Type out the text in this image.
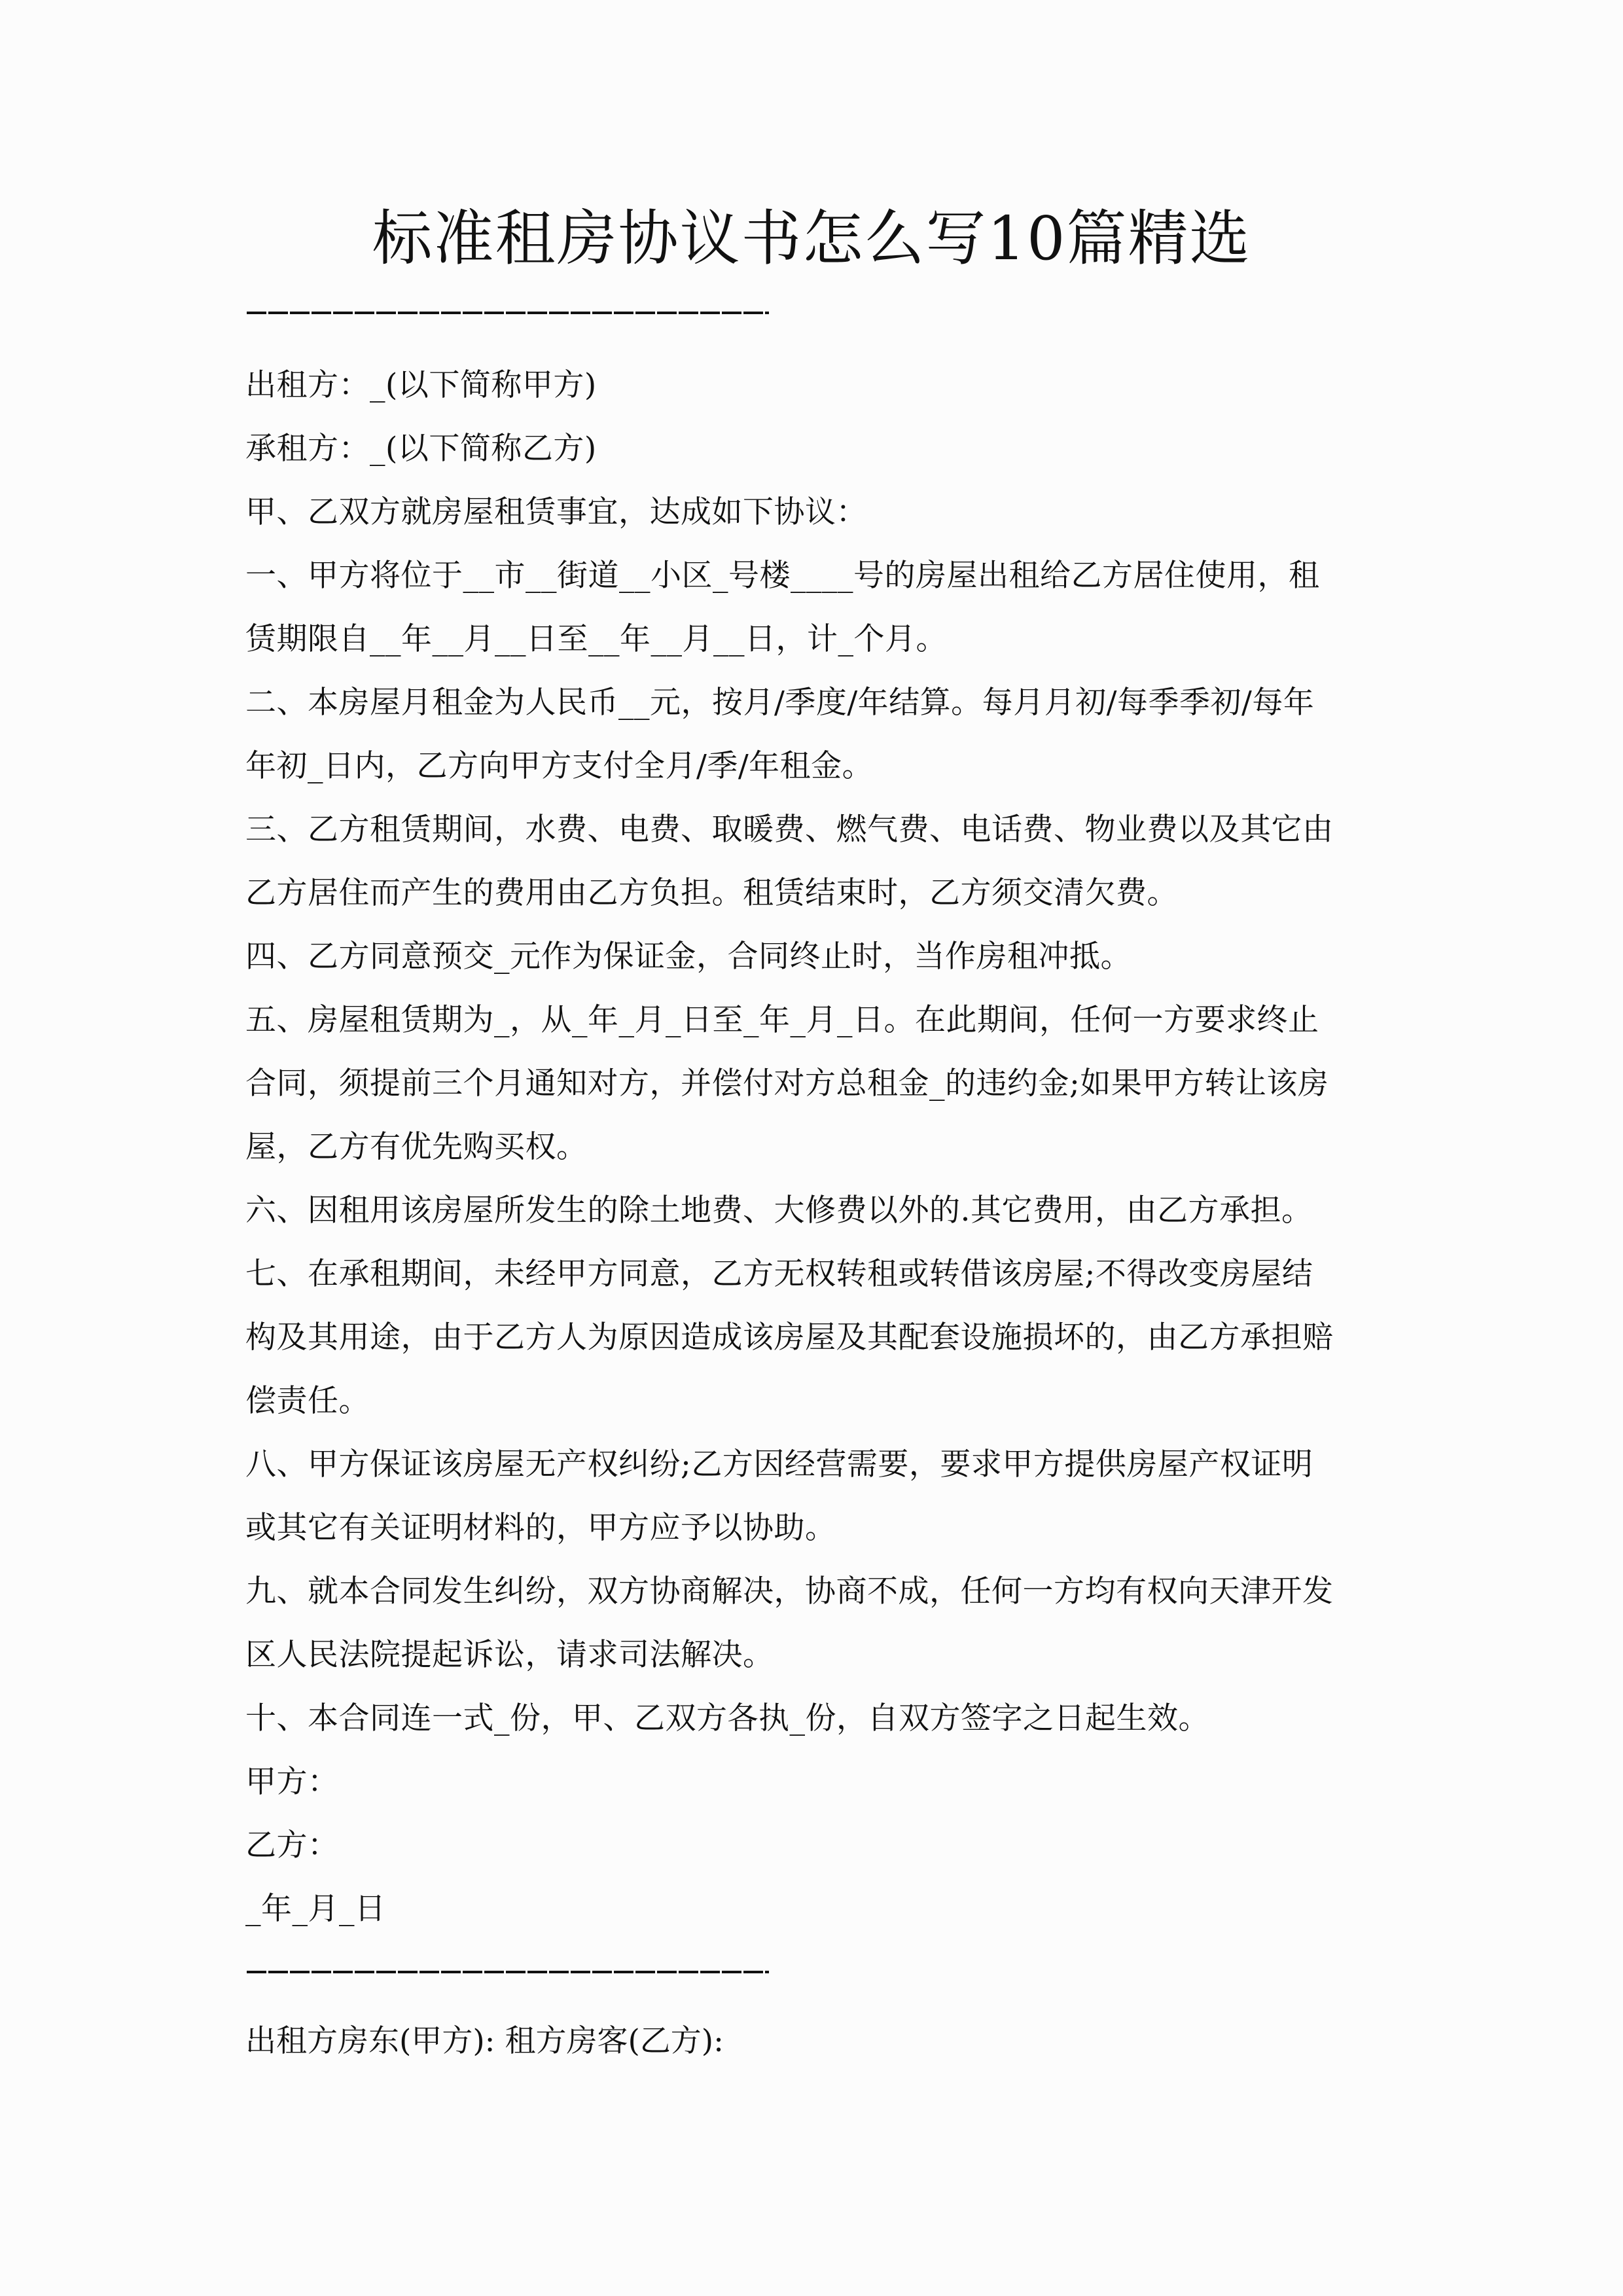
标准租房协议书怎么写10篇精选

出租方：_(以下简称甲方)

承租方：_(以下简称乙方)

甲、乙双方就房屋租赁事宜，达成如下协议：

一、甲方将位于__市__街道__小区_号楼____号的房屋出租给乙方居住使用，租

赁期限自__年__月__日至__年__月__日，计_个月。

二、本房屋月租金为人民币__元，按月/季度/年结算。每月月初/每季季初/每年

年初_日内，乙方向甲方支付全月/季/年租金。

三、乙方租赁期间，水费、电费、取暖费、燃气费、电话费、物业费以及其它由

乙方居住而产生的费用由乙方负担。租赁结束时，乙方须交清欠费。

四、乙方同意预交_元作为保证金，合同终止时，当作房租冲抵。

五、房屋租赁期为_，从_年_月_日至_年_月_日。在此期间，任何一方要求终止

合同，须提前三个月通知对方，并偿付对方总租金_的违约金;如果甲方转让该房

屋，乙方有优先购买权。

六、因租用该房屋所发生的除土地费、大修费以外的.其它费用，由乙方承担。

七、在承租期间，未经甲方同意，乙方无权转租或转借该房屋;不得改变房屋结

构及其用途，由于乙方人为原因造成该房屋及其配套设施损坏的，由乙方承担赔

偿责任。

八、甲方保证该房屋无产权纠纷;乙方因经营需要，要求甲方提供房屋产权证明

或其它有关证明材料的，甲方应予以协助。

九、就本合同发生纠纷，双方协商解决，协商不成，任何一方均有权向天津开发

区人民法院提起诉讼，请求司法解决。

十、本合同连一式_份，甲、乙双方各执_份，自双方签字之日起生效。

甲方：

乙方：

_年_月_日

出租方房东(甲方): 租方房客(乙方):
